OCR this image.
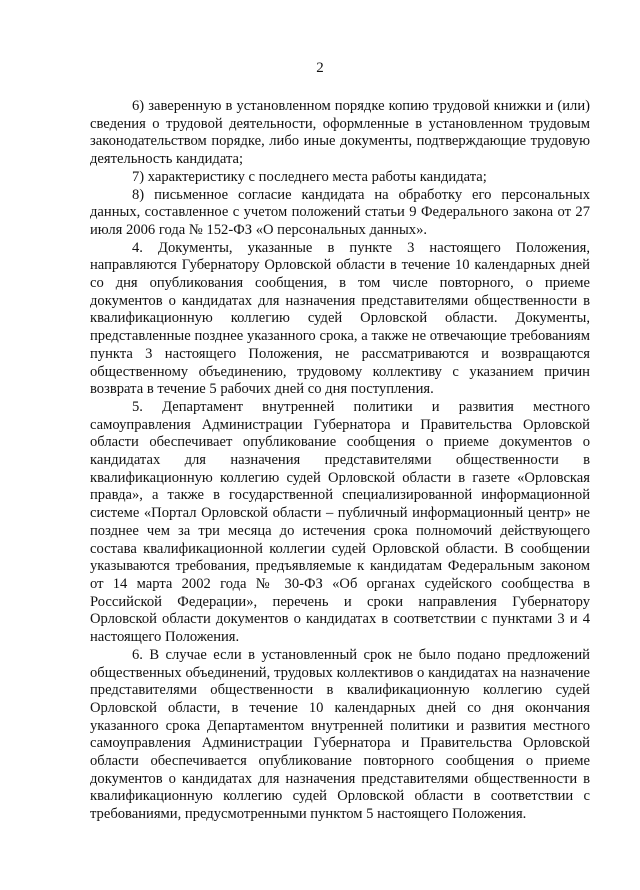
2

6) заверенную в установленном порядке копию трудовой книжки и (или) сведения о трудовой деятельности, оформленные в установленном трудовым законодательством порядке, либо иные документы, подтверждающие трудовую деятельность кандидата;

7) характеристику с последнего места работы кандидата;

8) письменное согласие кандидата на обработку его персональных данных, составленное с учетом положений статьи 9 Федерального закона от 27 июля 2006 года № 152-ФЗ «О персональных данных».

4. Документы, указанные в пункте 3 настоящего Положения, направляются Губернатору Орловской области в течение 10 календарных дней со дня опубликования сообщения, в том числе повторного, о приеме документов о кандидатах для назначения представителями общественности в квалификационную коллегию судей Орловской области. Документы, представленные позднее указанного срока, а также не отвечающие требованиям пункта 3 настоящего Положения, не рассматриваются и возвращаются общественному объединению, трудовому коллективу с указанием причин возврата в течение 5 рабочих дней со дня поступления.

5. Департамент внутренней политики и развития местного самоуправления Администрации Губернатора и Правительства Орловской области обеспечивает опубликование сообщения о приеме документов о кандидатах для назначения представителями общественности в квалификационную коллегию судей Орловской области в газете «Орловская правда», а также в государственной специализированной информационной системе «Портал Орловской области – публичный информационный центр» не позднее чем за три месяца до истечения срока полномочий действующего состава квалификационной коллегии судей Орловской области. В сообщении указываются требования, предъявляемые к кандидатам Федеральным законом от 14 марта 2002 года № 30-ФЗ «Об органах судейского сообщества в Российской Федерации», перечень и сроки направления Губернатору Орловской области документов о кандидатах в соответствии с пунктами 3 и 4 настоящего Положения.

6. В случае если в установленный срок не было подано предложений общественных объединений, трудовых коллективов о кандидатах на назначение представителями общественности в квалификационную коллегию судей Орловской области, в течение 10 календарных дней со дня окончания указанного срока Департаментом внутренней политики и развития местного самоуправления Администрации Губернатора и Правительства Орловской области обеспечивается опубликование повторного сообщения о приеме документов о кандидатах для назначения представителями общественности в квалификационную коллегию судей Орловской области в соответствии с требованиями, предусмотренными пунктом 5 настоящего Положения.
